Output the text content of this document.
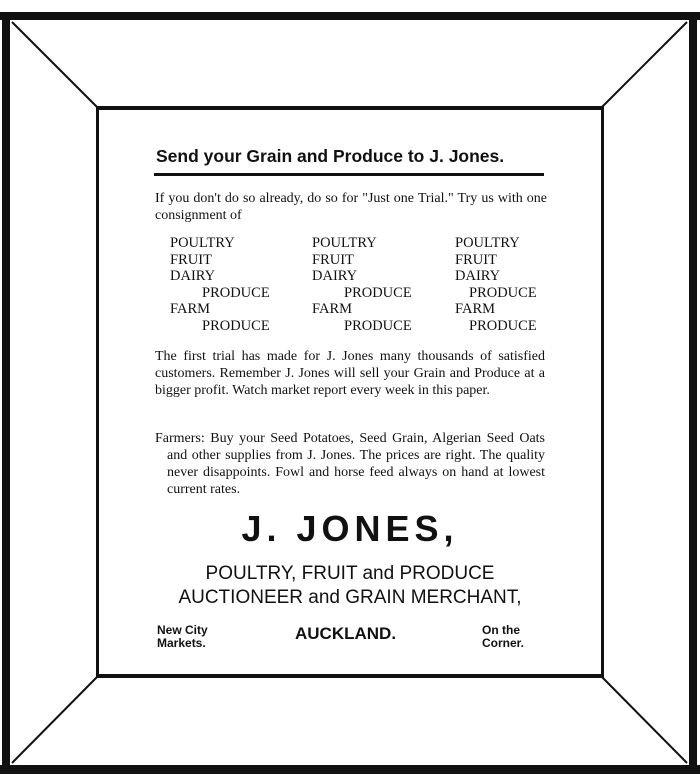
Send your Grain and Produce to J. Jones.
If you don't do so already, do so for "Just one Trial." Try us with one consignment of
POULTRY
FRUIT
DAIRY
PRODUCE
FARM
PRODUCE
POULTRY
FRUIT
DAIRY
PRODUCE
FARM
PRODUCE
POULTRY
FRUIT
DAIRY
PRODUCE
FARM
PRODUCE
The first trial has made for J. Jones many thousands of satisfied customers. Remember J. Jones will sell your Grain and Produce at a bigger profit. Watch market report every week in this paper.
Farmers: Buy your Seed Potatoes, Seed Grain, Algerian Seed Oats and other supplies from J. Jones. The prices are right. The quality never disappoints. Fowl and horse feed always on hand at lowest current rates.
J. JONES,
POULTRY, FRUIT and PRODUCE
AUCTIONEER and GRAIN MERCHANT,
New City
Markets.	AUCKLAND.	On the
Corner.
